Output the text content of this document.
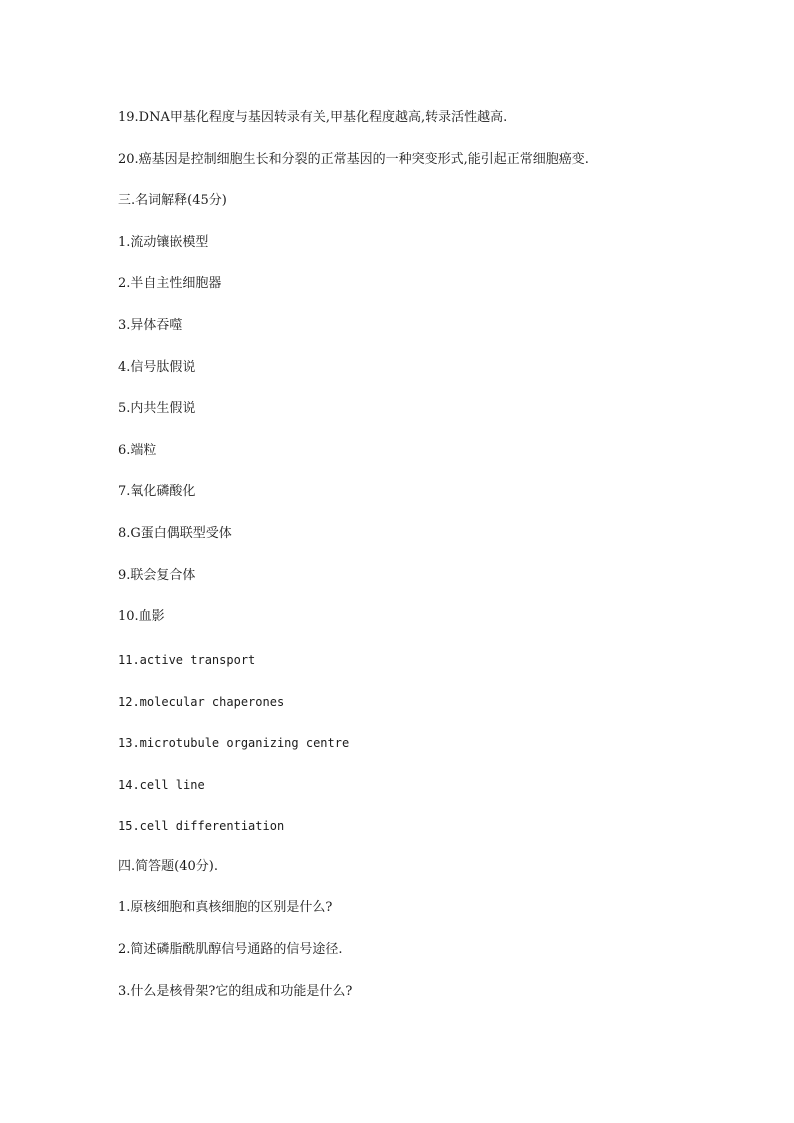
19.DNA甲基化程度与基因转录有关,甲基化程度越高,转录活性越高.
20.癌基因是控制细胞生长和分裂的正常基因的一种突变形式,能引起正常细胞癌变.
三.名词解释(45分)
1.流动镶嵌模型
2.半自主性细胞器
3.异体吞噬
4.信号肽假说
5.内共生假说
6.端粒
7.氧化磷酸化
8.G蛋白偶联型受体
9.联会复合体
10.血影
11.active transport
12.molecular chaperones
13.microtubule organizing centre
14.cell line
15.cell differentiation
四.简答题(40分).
1.原核细胞和真核细胞的区别是什么?
2.简述磷脂酰肌醇信号通路的信号途径.
3.什么是核骨架?它的组成和功能是什么?
